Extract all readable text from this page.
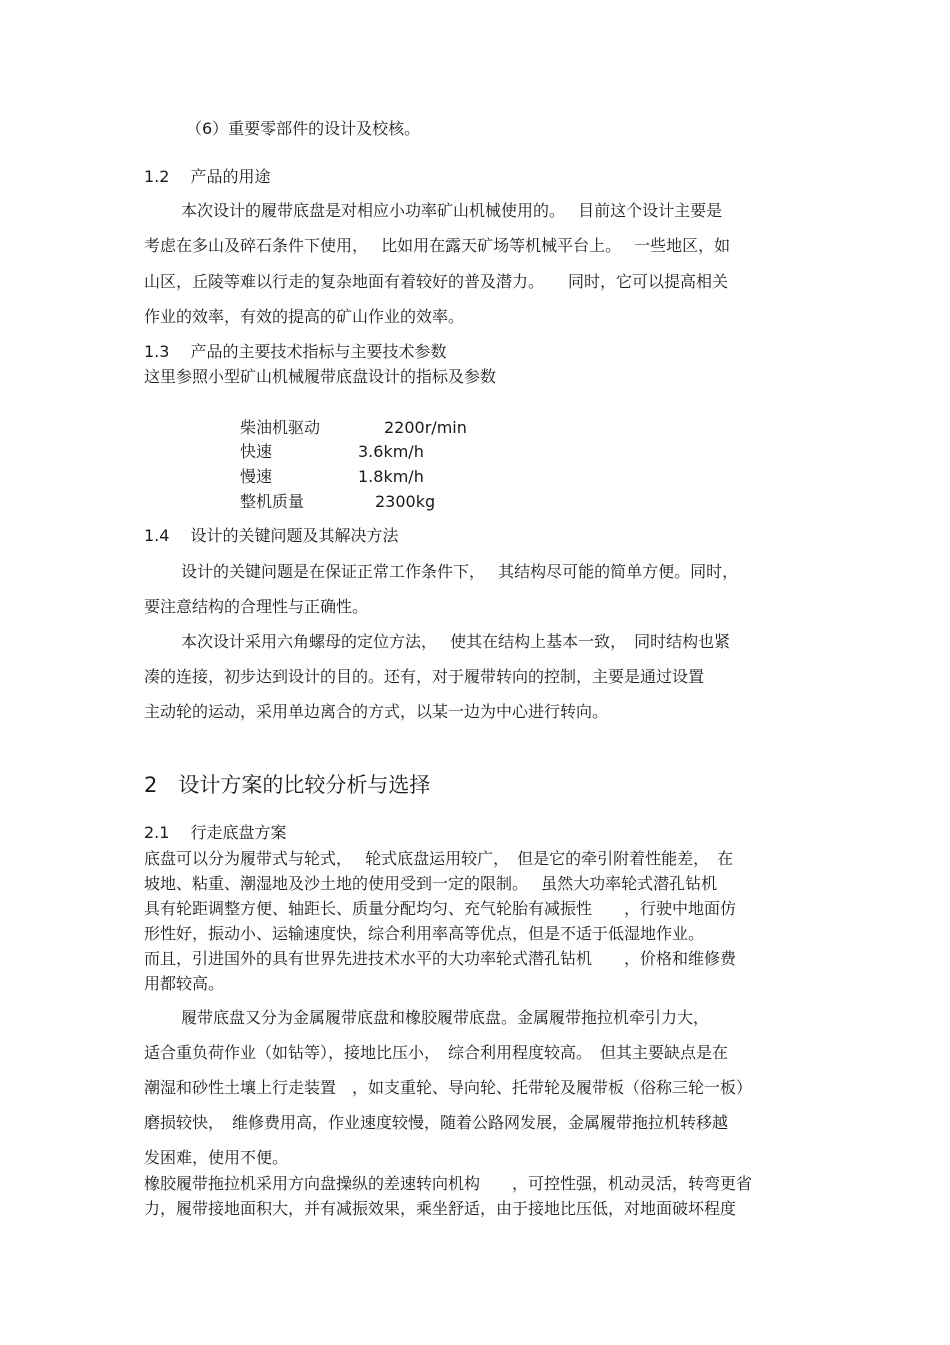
（6）重要零部件的设计及校核。
1.2　 产品的用途
本次设计的履带底盘是对相应小功率矿山机械使用的。　 目前这个设计主要是
考虑在多山及碎石条件下使用，　 比如用在露天矿场等机械平台上。　 一些地区，如
山区，丘陵等难以行走的复杂地面有着较好的普及潜力。　　同时，它可以提高相关
作业的效率，有效的提高的矿山作业的效率。
1.3　 产品的主要技术指标与主要技术参数
这里参照小型矿山机械履带底盘设计的指标及参数
柴油机驱动	2200r/min
快速	3.6km/h
慢速	1.8km/h
整机质量	2300kg
1.4　 设计的关键问题及其解决方法
设计的关键问题是在保证正常工作条件下，　 其结构尽可能的简单方便。同时，
要注意结构的合理性与正确性。
本次设计采用六角螺母的定位方法，　 使其在结构上基本一致，　同时结构也紧
凑的连接，初步达到设计的目的。还有，对于履带转向的控制，主要是通过设置
主动轮的运动，采用单边离合的方式，以某一边为中心进行转向。
2　设计方案的比较分析与选择
2.1　 行走底盘方案
底盘可以分为履带式与轮式，　 轮式底盘运用较广，　但是它的牵引附着性能差，　在
坡地、粘重、潮湿地及沙土地的使用受到一定的限制。　 虽然大功率轮式潜孔钻机
具有轮距调整方便、轴距长、质量分配均匀、充气轮胎有减振性　　，行驶中地面仿
形性好，振动小、运输速度快，综合利用率高等优点，但是不适于低湿地作业。
而且，引进国外的具有世界先进技术水平的大功率轮式潜孔钻机　　，价格和维修费
用都较高。
履带底盘又分为金属履带底盘和橡胶履带底盘。金属履带拖拉机牵引力大，
适合重负荷作业（如钻等），接地比压小，　综合利用程度较高。　但其主要缺点是在
潮湿和砂性土壤上行走装置　，如支重轮、导向轮、托带轮及履带板（俗称三轮一板）
磨损较快，　维修费用高，作业速度较慢，随着公路网发展，金属履带拖拉机转移越
发困难，使用不便。
橡胶履带拖拉机采用方向盘操纵的差速转向机构　　，可控性强，机动灵活，转弯更省
力，履带接地面积大，并有减振效果，乘坐舒适，由于接地比压低，对地面破坏程度
